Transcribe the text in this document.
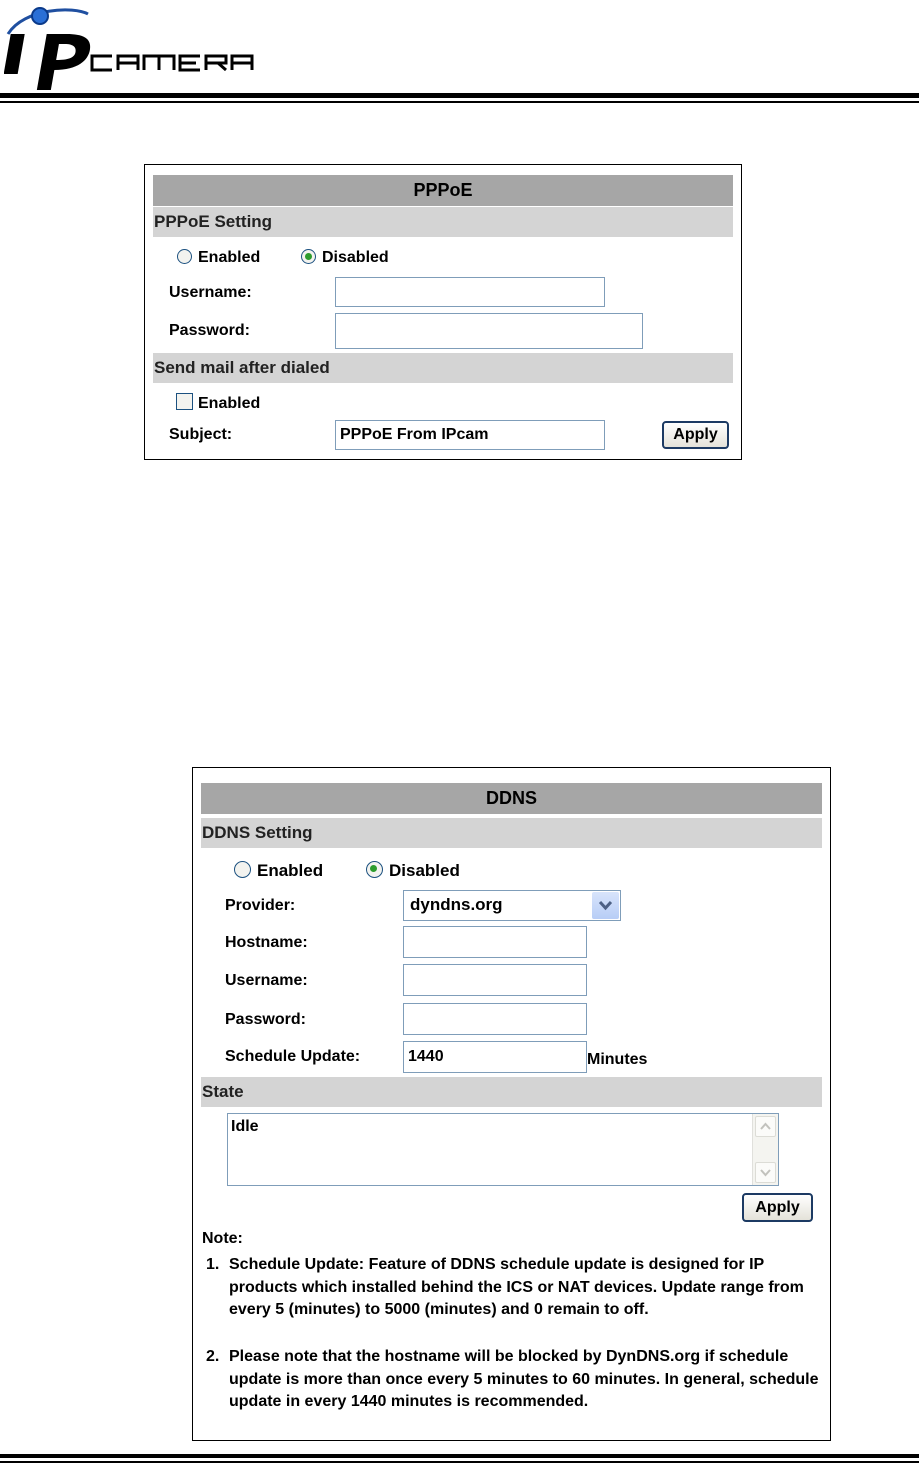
PPPoE
PPPoE Setting
Enabled	Disabled
Username:
Password:
Send mail after dialed
Enabled
Subject:
PPPoE From IPcam	Apply
DDNS
DDNS Setting
Enabled	Disabled
Provider:	dyndns.org
Hostname:
Username:
Password:
Schedule Update:
1440	Minutes
State
Idle
Apply
Note:
1. Schedule Update: Feature of DDNS schedule update is designed for IP products which installed behind the ICS or NAT devices. Update range from every 5 (minutes) to 5000 (minutes) and 0 remain to off.
2. Please note that the hostname will be blocked by DynDNS.org if schedule update is more than once every 5 minutes to 60 minutes. In general, schedule update in every 1440 minutes is recommended.
